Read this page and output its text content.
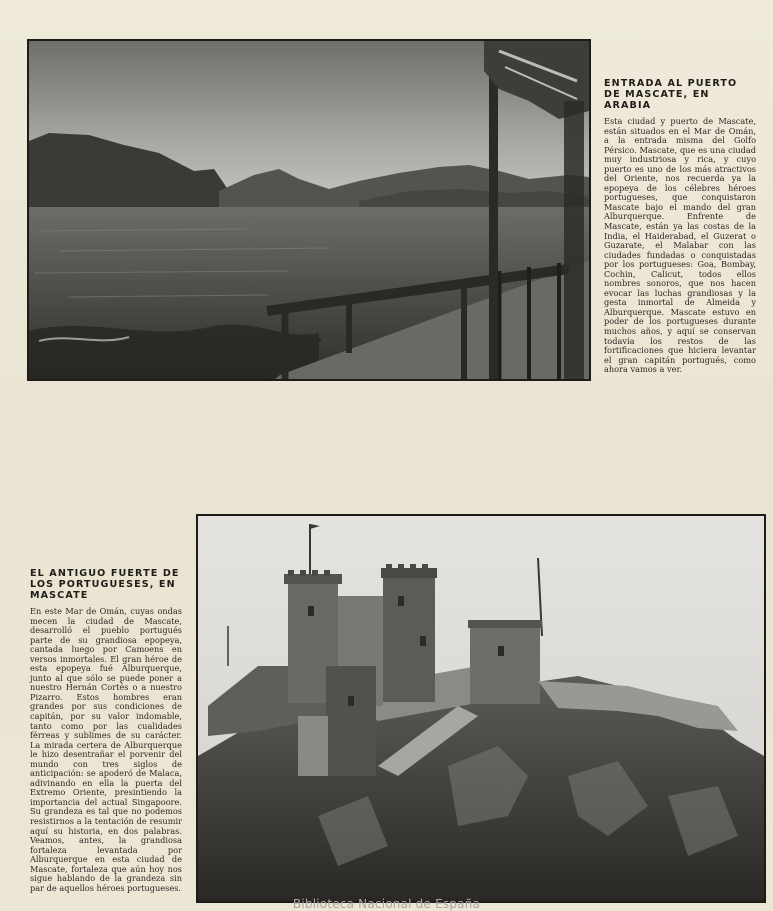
ENTRADA AL PUERTO DE MASCATE, EN ARABIA

Esta ciudad y puerto de Mascate, están situados en el Mar de Omán, a la entrada misma del Golfo Pérsico. Mascate, que es una ciudad muy industriosa y rica, y cuyo puerto es uno de los más atractivos del Oriente, nos recuerda ya la epopeya de los célebres héroes portugueses, que conquistaron Mascate bajo el mando del gran Alburquerque. Enfrente de Mascate, están ya las costas de la India, el Haiderabad, el Guzerat o Guzarate, el Malabar con las ciudades fundadas o conquistadas por los portugueses: Goa, Bombay, Cochin, Calicut, todos ellos nombres sonoros, que nos hacen evocar las luchas grandiosas y la gesta inmortal de Almeida y Alburquerque. Mascate estuvo en poder de los portugueses durante muchos años, y aquí se conservan todavía los restos de las fortificaciones que hiciera levantar el gran capitán portugués, como ahora vamos a ver.

EL ANTIGUO FUERTE DE LOS PORTUGUESES, EN MASCATE

En este Mar de Omán, cuyas ondas mecen la ciudad de Mascate, desarrolló el pueblo portugués parte de su grandiosa epopeya, cantada luego por Camoens en versos inmortales. El gran héroe de esta epopeya fué Alburquerque, junto al que sólo se puede poner a nuestro Hernán Cortés o a nuestro Pizarro. Estos hombres eran grandes por sus condiciones de capitán, por su valor indomable, tanto como por las cualidades férreas y sublimes de su carácter. La mirada certera de Alburquerque le hizo desentrañar el porvenir del mundo con tres siglos de anticipación: se apoderó de Malaca, adivinando en ella la puerta del Extremo Oriente, presintiendo la importancia del actual Singapoore. Su grandeza es tal que no podemos resistirnos a la tentación de resumir aquí su historia, en dos palabras. Veamos, antes, la grandiosa fortaleza levantada por Alburquerque en esta ciudad de Mascate, fortaleza que aún hoy nos sigue hablando de la grandeza sin par de aquellos héroes portugueses.

Biblioteca Nacional de España
